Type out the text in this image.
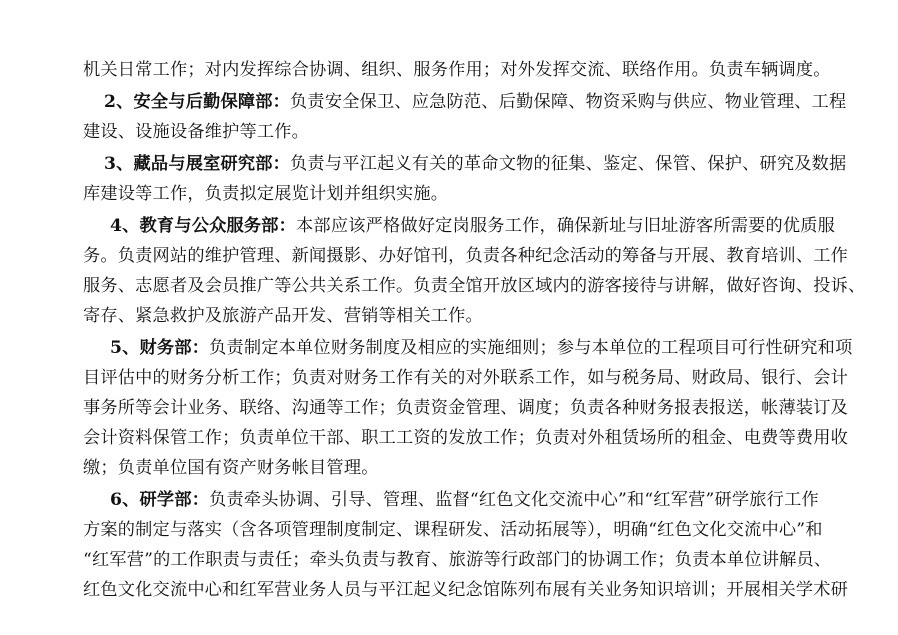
机关日常工作；对内发挥综合协调、组织、服务作用；对外发挥交流、联络作用。负责车辆调度。
2、安全与后勤保障部：负责安全保卫、应急防范、后勤保障、物资采购与供应、物业管理、工程
建设、设施设备维护等工作。
3、藏品与展室研究部：负责与平江起义有关的革命文物的征集、鉴定、保管、保护、研究及数据
库建设等工作，负责拟定展览计划并组织实施。
4、教育与公众服务部：本部应该严格做好定岗服务工作，确保新址与旧址游客所需要的优质服
务。负责网站的维护管理、新闻摄影、办好馆刊，负责各种纪念活动的筹备与开展、教育培训、工作
服务、志愿者及会员推广等公共关系工作。负责全馆开放区域内的游客接待与讲解，做好咨询、投诉、
寄存、紧急救护及旅游产品开发、营销等相关工作。
5、财务部：负责制定本单位财务制度及相应的实施细则；参与本单位的工程项目可行性研究和项
目评估中的财务分析工作；负责对财务工作有关的对外联系工作，如与税务局、财政局、银行、会计
事务所等会计业务、联络、沟通等工作；负责资金管理、调度；负责各种财务报表报送，帐薄装订及
会计资料保管工作；负责单位干部、职工工资的发放工作；负责对外租赁场所的租金、电费等费用收
缴；负责单位国有资产财务帐目管理。
6、研学部：负责牵头协调、引导、管理、监督“红色文化交流中心”和“红军营”研学旅行工作
方案的制定与落实（含各项管理制度制定、课程研发、活动拓展等），明确“红色文化交流中心”和
“红军营”的工作职责与责任；牵头负责与教育、旅游等行政部门的协调工作；负责本单位讲解员、
红色文化交流中心和红军营业务人员与平江起义纪念馆陈列布展有关业务知识培训；开展相关学术研
